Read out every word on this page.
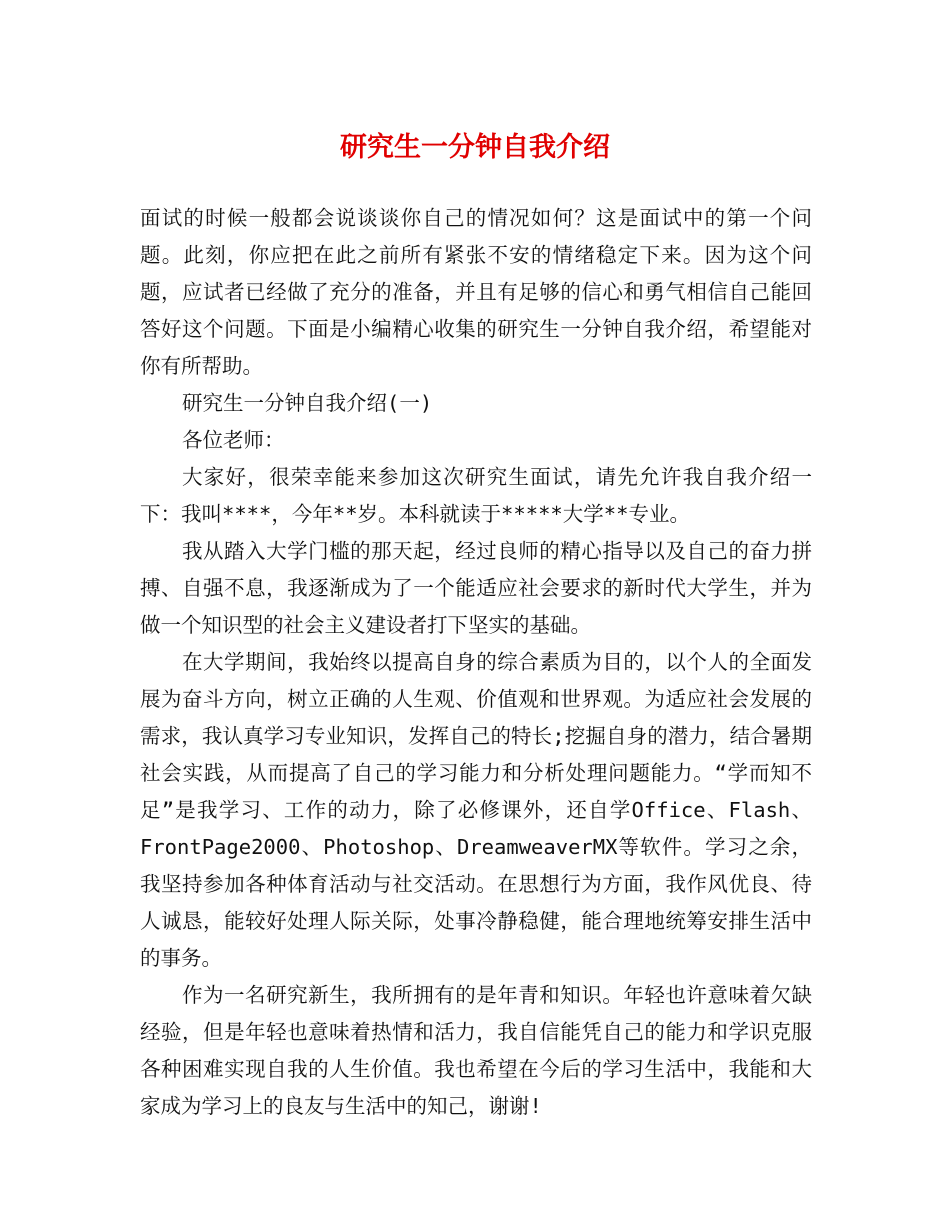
研究生一分钟自我介绍

面试的时候一般都会说谈谈你自己的情况如何？这是面试中的第一个问题。此刻，你应把在此之前所有紧张不安的情绪稳定下来。因为这个问题，应试者已经做了充分的准备，并且有足够的信心和勇气相信自己能回答好这个问题。下面是小编精心收集的研究生一分钟自我介绍，希望能对你有所帮助。

研究生一分钟自我介绍(一)

各位老师：

大家好，很荣幸能来参加这次研究生面试，请先允许我自我介绍一下：我叫****，今年**岁。本科就读于*****大学**专业。

我从踏入大学门槛的那天起，经过良师的精心指导以及自己的奋力拼搏、自强不息，我逐渐成为了一个能适应社会要求的新时代大学生，并为做一个知识型的社会主义建设者打下坚实的基础。

在大学期间，我始终以提高自身的综合素质为目的，以个人的全面发展为奋斗方向，树立正确的人生观、价值观和世界观。为适应社会发展的需求，我认真学习专业知识，发挥自己的特长;挖掘自身的潜力，结合暑期社会实践，从而提高了自己的学习能力和分析处理问题能力。“学而知不足”是我学习、工作的动力，除了必修课外，还自学Office、Flash、FrontPage2000、Photoshop、DreamweaverMX等软件。学习之余，我坚持参加各种体育活动与社交活动。在思想行为方面，我作风优良、待人诚恳，能较好处理人际关际，处事冷静稳健，能合理地统筹安排生活中的事务。

作为一名研究新生，我所拥有的是年青和知识。年轻也许意味着欠缺经验，但是年轻也意味着热情和活力，我自信能凭自己的能力和学识克服各种困难实现自我的人生价值。我也希望在今后的学习生活中，我能和大家成为学习上的良友与生活中的知己，谢谢!
